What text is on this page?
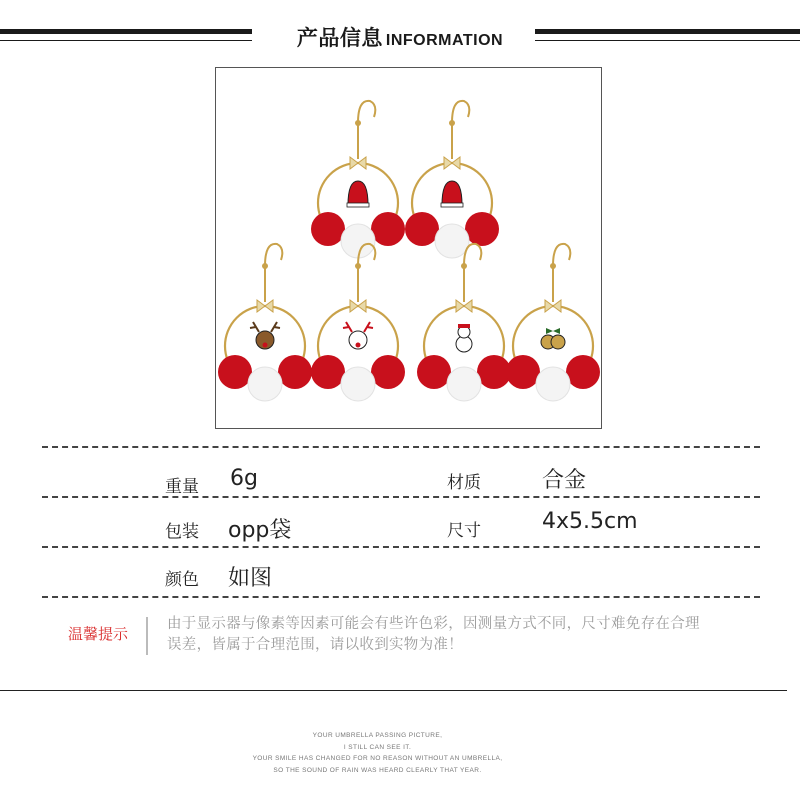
产品信息 INFORMATION
重量 6g	材质	合金
包装 opp袋	尺寸	4x5.5cm
颜色 如图
温馨提示
由于显示器与像素等因素可能会有些许色彩，因测量方式不同，尺寸难免存在合理
误差，皆属于合理范围，请以收到实物为准！
YOUR UMBRELLA PASSING PICTURE,
I STILL CAN SEE IT.
YOUR SMILE HAS CHANGED FOR NO REASON WITHOUT AN UMBRELLA,
SO THE SOUND OF RAIN WAS HEARD CLEARLY THAT YEAR.
